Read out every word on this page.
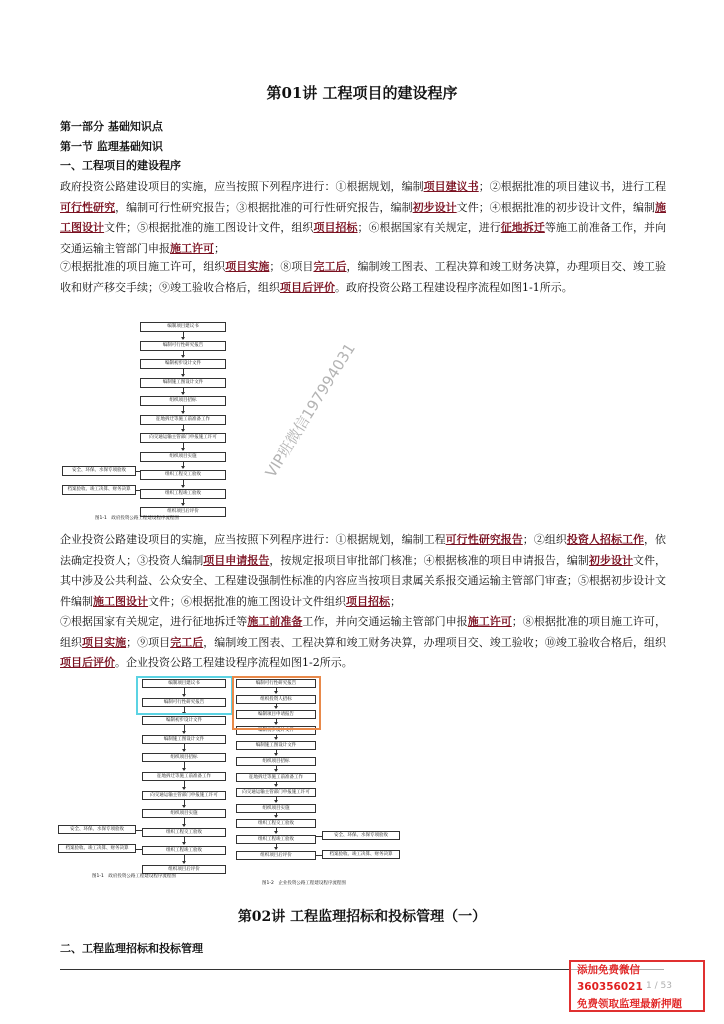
第01讲 工程项目的建设程序
第一部分 基础知识点
第一节 监理基础知识
一、工程项目的建设程序

政府投资公路建设项目的实施，应当按照下列程序进行：①根据规划，编制项目建议书；②根据批准的项目建议书，进行工程可行性研究，编制可行性研究报告；③根据批准的可行性研究报告，编制初步设计文件；④根据批准的初步设计文件，编制施工图设计文件；⑤根据批准的施工图设计文件，组织项目招标；⑥根据国家有关规定，进行征地拆迁等施工前准备工作，并向交通运输主管部门申报施工许可；

⑦根据批准的项目施工许可，组织项目实施；⑧项目完工后，编制竣工图表、工程决算和竣工财务决算，办理项目交、竣工验收和财产移交手续；⑨竣工验收合格后，组织项目后评价。政府投资公路工程建设程序流程如图1-1所示。

编制项目建议书
编制可行性研究报告
编制初步设计文件
编制施工图设计文件
组织项目招标
征地拆迁等施工前准备工作
向交通运输主管部门申报施工许可
组织项目实施
组织工程交工验收
组织工程竣工验收
组织项目后评价
安全、环保、水保专项验收
档案验收、竣工决算、财务决算
图1-1　政府投资公路工程建设程序流程图
VIP班微信197994031

企业投资公路建设项目的实施，应当按照下列程序进行：①根据规划，编制工程可行性研究报告；②组织投资人招标工作，依法确定投资人；③投资人编制项目申请报告，按规定报项目审批部门核准；④根据核准的项目申请报告，编制初步设计文件，其中涉及公共利益、公众安全、工程建设强制性标准的内容应当按项目隶属关系报交通运输主管部门审查；⑤根据初步设计文件编制施工图设计文件；⑥根据批准的施工图设计文件组织项目招标；

⑦根据国家有关规定，进行征地拆迁等施工前准备工作，并向交通运输主管部门申报施工许可；⑧根据批准的项目施工许可，组织项目实施；⑨项目完工后，编制竣工图表、工程决算和竣工财务决算，办理项目交、竣工验收；⑩竣工验收合格后，组织项目后评价。企业投资公路工程建设程序流程如图1-2所示。

编制项目建议书
编制可行性研究报告
编制初步设计文件
编制施工图设计文件
组织项目招标
征地拆迁等施工前准备工作
向交通运输主管部门申报施工许可
组织项目实施
组织工程交工验收
组织工程竣工验收
组织项目后评价
安全、环保、水保专项验收
档案验收、竣工决算、财务决算
编制可行性研究报告
组织投资人招标
编制项目申请报告
编制初步设计文件
编制施工图设计文件
组织项目招标
征地拆迁等施工前准备工作
向交通运输主管部门申报施工许可
组织项目实施
组织工程交工验收
组织工程竣工验收
组织项目后评价
安全、环保、水保专项验收
档案验收、竣工决算、财务决算
图1-1　政府投资公路工程建设程序流程图
图1-2　企业投资公路工程建设程序流程图
第02讲 工程监理招标和投标管理（一）
二、工程监理招标和投标管理
添加免费微信
360356021
免费领取监理最新押题
